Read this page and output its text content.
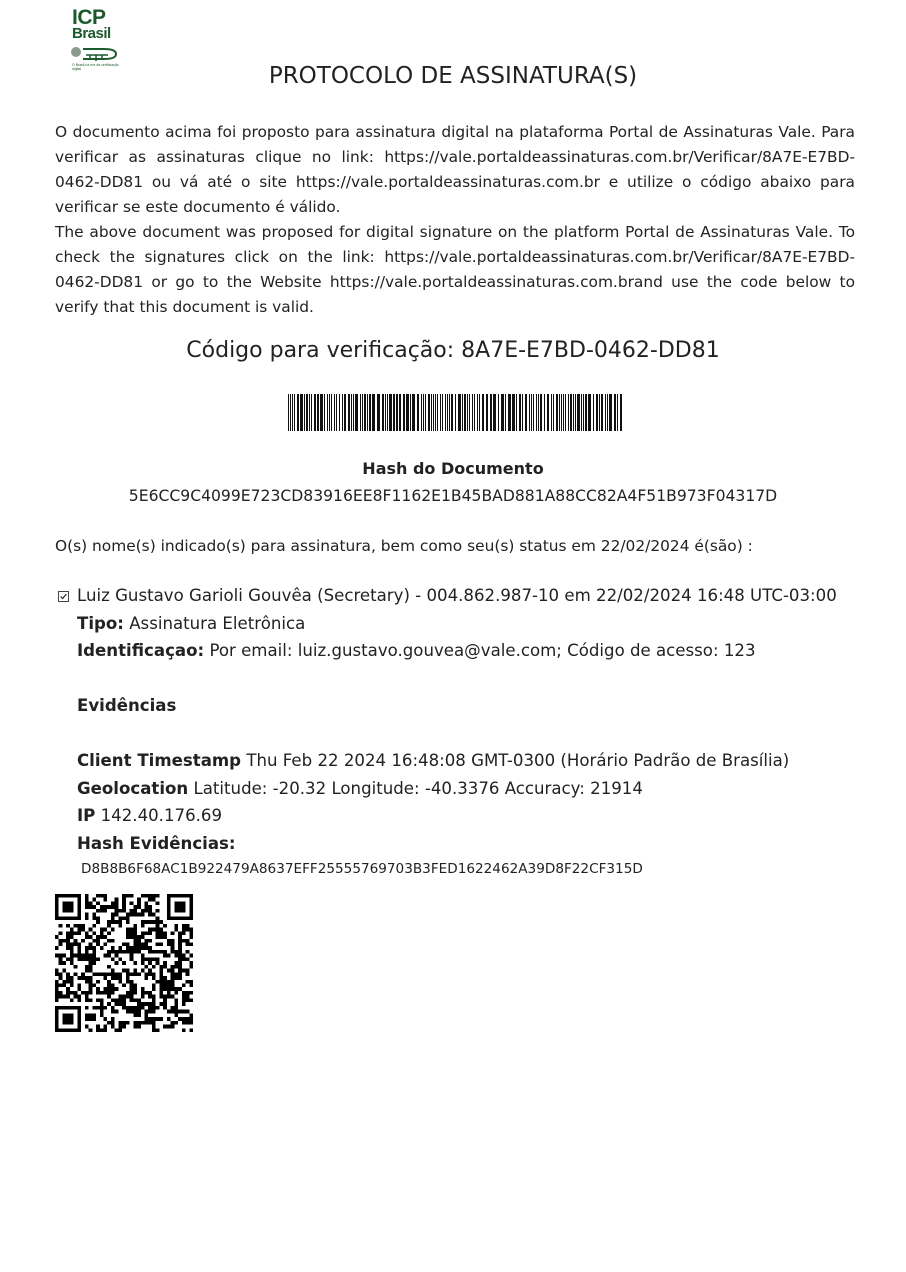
ICP
Brasil
O Brasil na era da certificação digital	PROTOCOLO DE ASSINATURA(S)

O documento acima foi proposto para assinatura digital na plataforma Portal de Assinaturas Vale. Para verificar as assinaturas clique no link: https://vale.portaldeassinaturas.com.br/Verificar/8A7E-E7BD-0462-DD81 ou vá até o site https://vale.portaldeassinaturas.com.br e utilize o código abaixo para verificar se este documento é válido.

The above document was proposed for digital signature on the platform Portal de Assinaturas Vale. To check the signatures click on the link: https://vale.portaldeassinaturas.com.br/Verificar/8A7E-E7BD-0462-DD81 or go to the Website https://vale.portaldeassinaturas.com.brand use the code below to verify that this document is valid.

Código para verificação: 8A7E-E7BD-0462-DD81
Hash do Documento
5E6CC9C4099E723CD83916EE8F1162E1B45BAD881A88CC82A4F51B973F04317D
O(s) nome(s) indicado(s) para assinatura, bem como seu(s) status em 22/02/2024 é(são) :
Luiz Gustavo Garioli Gouvêa (Secretary) - 004.862.987-10 em 22/02/2024 16:48 UTC-03:00
Tipo: Assinatura Eletrônica
Identificaçao: Por email: luiz.gustavo.gouvea@vale.com; Código de acesso: 123
Evidências
Client Timestamp Thu Feb 22 2024 16:48:08 GMT-0300 (Horário Padrão de Brasília)
Geolocation Latitude: -20.32 Longitude: -40.3376 Accuracy: 21914
IP 142.40.176.69
Hash Evidências:
D8B8B6F68AC1B922479A8637EFF25555769703B3FED1622462A39D8F22CF315D
